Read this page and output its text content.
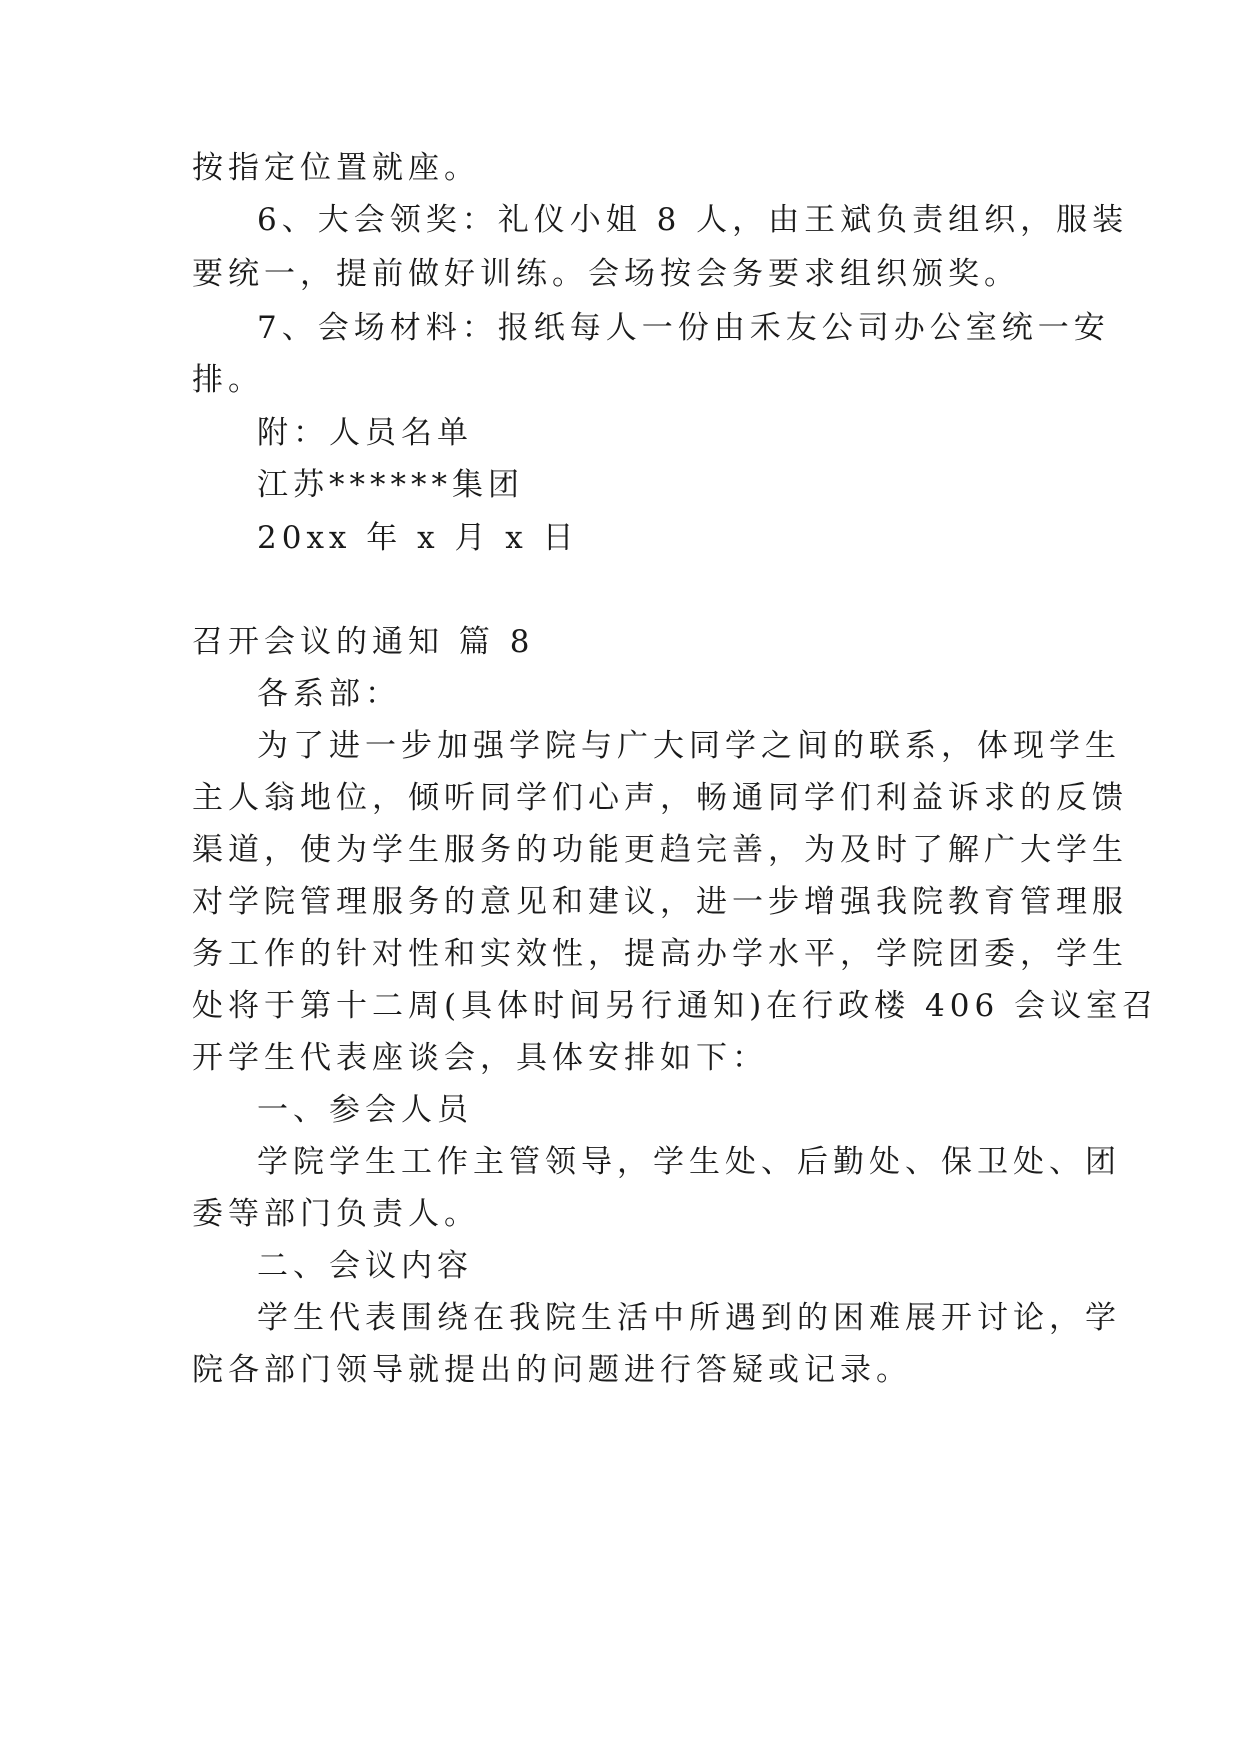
按指定位置就座。
6、大会领奖：礼仪小姐 8 人，由王斌负责组织，服装
要统一，提前做好训练。会场按会务要求组织颁奖。
7、会场材料：报纸每人一份由禾友公司办公室统一安
排。
附：人员名单
江苏******集团
20xx 年 x 月 x 日
召开会议的通知 篇 8
各系部：
为了进一步加强学院与广大同学之间的联系，体现学生
主人翁地位，倾听同学们心声，畅通同学们利益诉求的反馈
渠道，使为学生服务的功能更趋完善，为及时了解广大学生
对学院管理服务的意见和建议，进一步增强我院教育管理服
务工作的针对性和实效性，提高办学水平，学院团委，学生
处将于第十二周(具体时间另行通知)在行政楼 406 会议室召
开学生代表座谈会，具体安排如下：
一、参会人员
学院学生工作主管领导，学生处、后勤处、保卫处、团
委等部门负责人。
二、会议内容
学生代表围绕在我院生活中所遇到的困难展开讨论，学
院各部门领导就提出的问题进行答疑或记录。
